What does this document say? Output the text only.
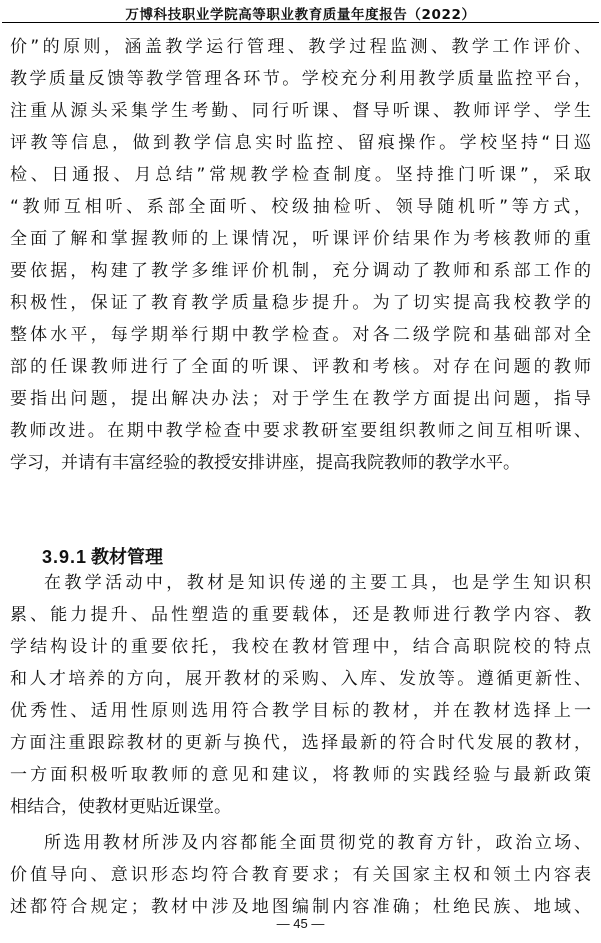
万博科技职业学院高等职业教育质量年度报告（2022）
价”的原则，涵盖教学运行管理、教学过程监测、教学工作评价、
教学质量反馈等教学管理各环节。学校充分利用教学质量监控平台，
注重从源头采集学生考勤、同行听课、督导听课、教师评学、学生
评教等信息，做到教学信息实时监控、留痕操作。学校坚持“日巡
检、日通报、月总结”常规教学检查制度。坚持推门听课”，采取
“教师互相听、系部全面听、校级抽检听、领导随机听”等方式，
全面了解和掌握教师的上课情况，听课评价结果作为考核教师的重
要依据，构建了教学多维评价机制，充分调动了教师和系部工作的
积极性，保证了教育教学质量稳步提升。为了切实提高我校教学的
整体水平，每学期举行期中教学检查。对各二级学院和基础部对全
部的任课教师进行了全面的听课、评教和考核。对存在问题的教师
要指出问题，提出解决办法；对于学生在教学方面提出问题，指导
教师改进。在期中教学检查中要求教研室要组织教师之间互相听课、
学习，并请有丰富经验的教授安排讲座，提高我院教师的教学水平。
3.9.1 教材管理
在教学活动中，教材是知识传递的主要工具，也是学生知识积
累、能力提升、品性塑造的重要载体，还是教师进行教学内容、教
学结构设计的重要依托，我校在教材管理中，结合高职院校的特点
和人才培养的方向，展开教材的采购、入库、发放等。遵循更新性、
优秀性、适用性原则选用符合教学目标的教材，并在教材选择上一
方面注重跟踪教材的更新与换代，选择最新的符合时代发展的教材，
一方面积极听取教师的意见和建议，将教师的实践经验与最新政策
相结合，使教材更贴近课堂。
所选用教材所涉及内容都能全面贯彻党的教育方针，政治立场、
价值导向、意识形态均符合教育要求；有关国家主权和领土内容表
述都符合规定；教材中涉及地图编制内容准确；杜绝民族、地域、
— 45 —
